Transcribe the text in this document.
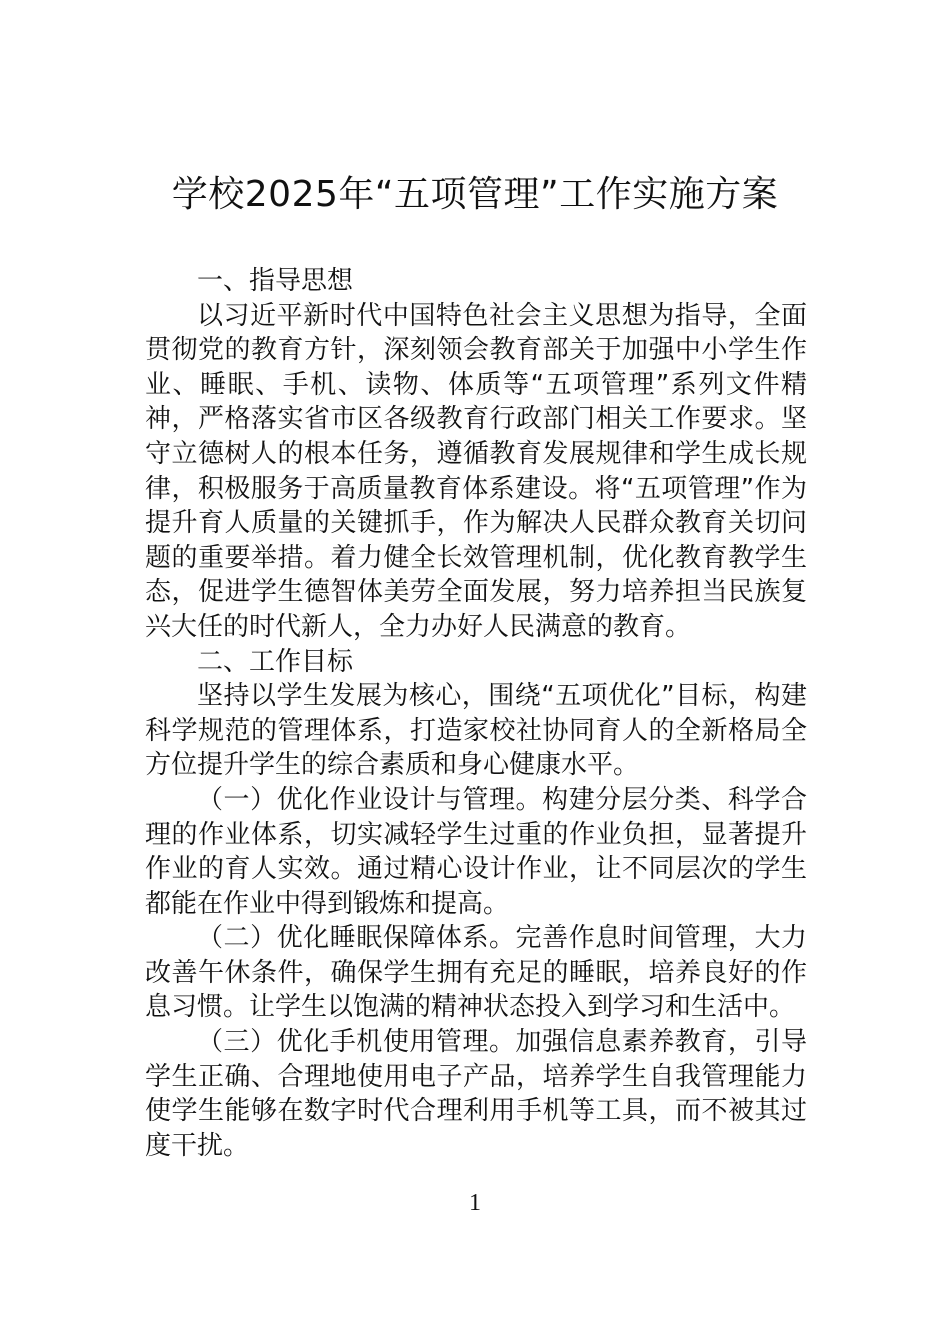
学校2025年“五项管理”工作实施方案

一、指导思想

以习近平新时代中国特色社会主义思想为指导，全面贯彻党的教育方针，深刻领会教育部关于加强中小学生作业、睡眠、手机、读物、体质等“五项管理”系列文件精神，严格落实省市区各级教育行政部门相关工作要求。坚守立德树人的根本任务，遵循教育发展规律和学生成长规律，积极服务于高质量教育体系建设。将“五项管理”作为提升育人质量的关键抓手，作为解决人民群众教育关切问题的重要举措。着力健全长效管理机制，优化教育教学生态，促进学生德智体美劳全面发展，努力培养担当民族复兴大任的时代新人，全力办好人民满意的教育。

二、工作目标

坚持以学生发展为核心，围绕“五项优化”目标，构建科学规范的管理体系，打造家校社协同育人的全新格局全方位提升学生的综合素质和身心健康水平。

（一）优化作业设计与管理。构建分层分类、科学合理的作业体系，切实减轻学生过重的作业负担，显著提升作业的育人实效。通过精心设计作业，让不同层次的学生都能在作业中得到锻炼和提高。

（二）优化睡眠保障体系。完善作息时间管理，大力改善午休条件，确保学生拥有充足的睡眠，培养良好的作息习惯。让学生以饱满的精神状态投入到学习和生活中。

（三）优化手机使用管理。加强信息素养教育，引导学生正确、合理地使用电子产品，培养学生自我管理能力使学生能够在数字时代合理利用手机等工具，而不被其过度干扰。

1
